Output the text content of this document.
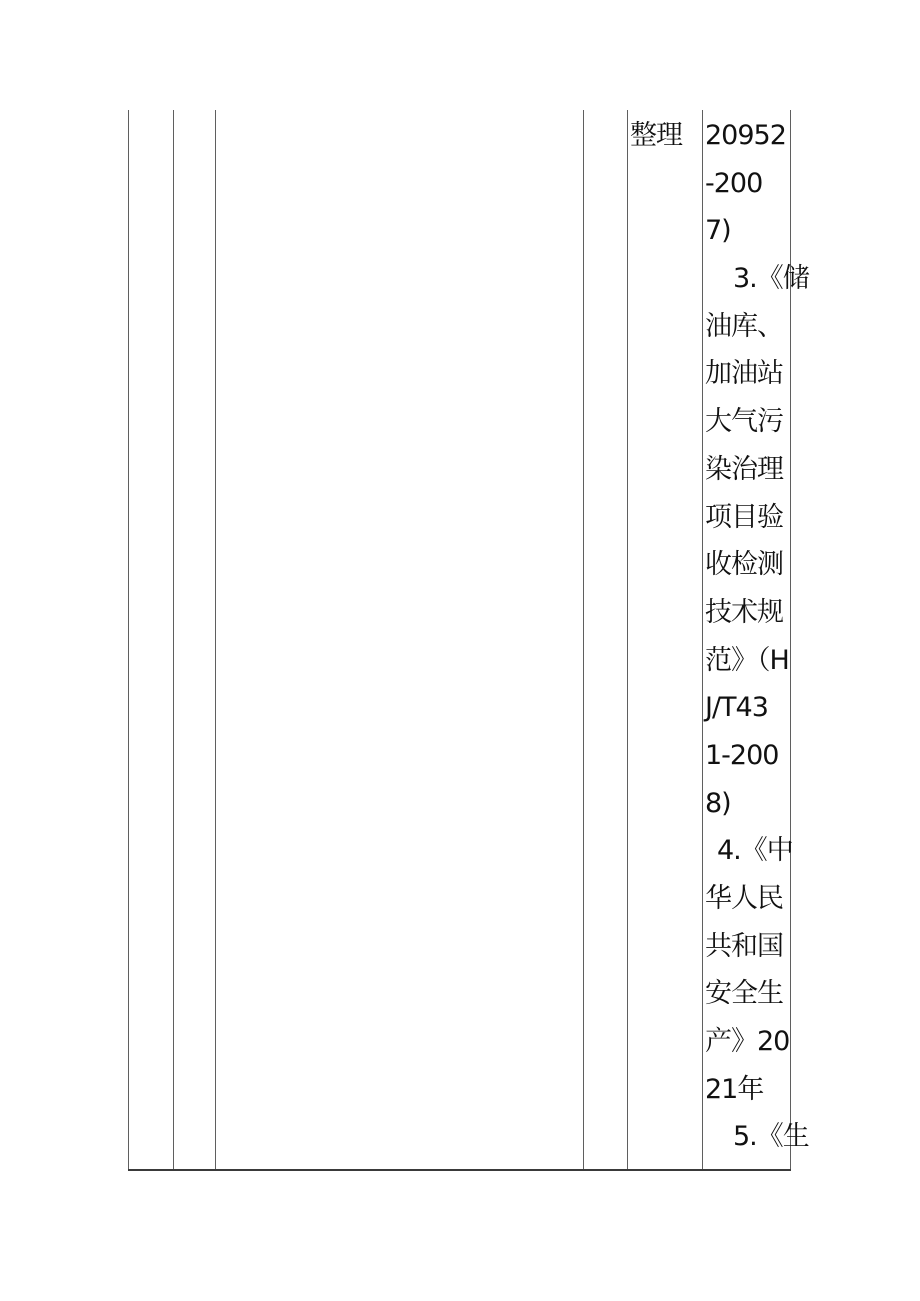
整理 20952
-200
7)
3.《储
油库、
加油站
大气污
染治理
项目验
收检测
技术规
范》（H
J/T43
1-200
8)
4.《中
华人民
共和国
安全生
产》20
21年
5.《生
